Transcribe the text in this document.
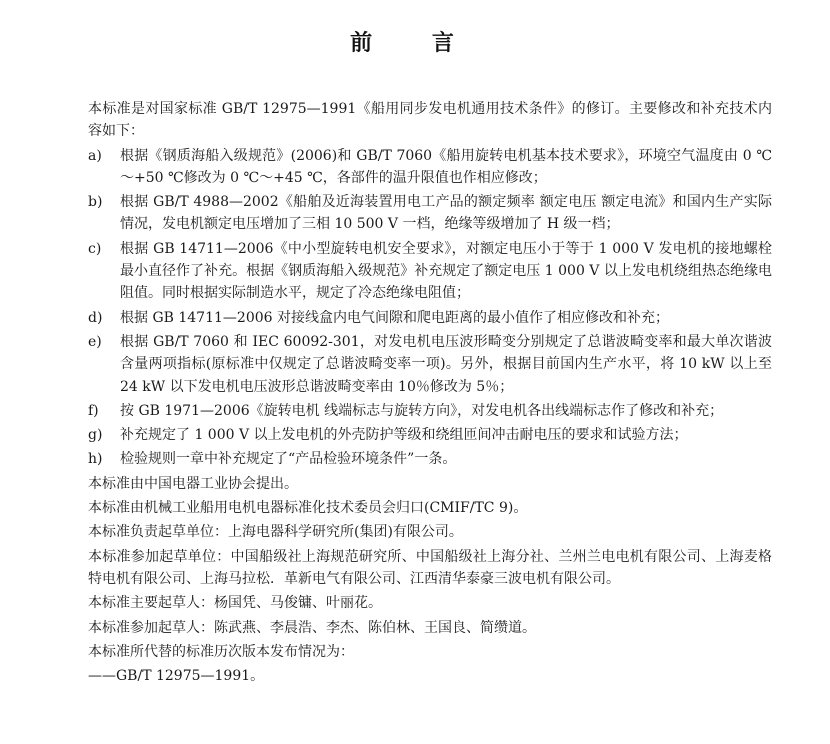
前 言

本标准是对国家标准 GB/T 12975—1991《船用同步发电机通用技术条件》的修订。主要修改和补充技术内容如下：

a)	根据《钢质海船入级规范》(2006)和 GB/T 7060《船用旋转电机基本技术要求》，环境空气温度由 0 ℃～+50 ℃修改为 0 ℃～+45 ℃，各部件的温升限值也作相应修改；
b)	根据 GB/T 4988—2002《船舶及近海装置用电工产品的额定频率 额定电压 额定电流》和国内生产实际情况，发电机额定电压增加了三相 10 500 V 一档，绝缘等级增加了 H 级一档；
c)	根据 GB 14711—2006《中小型旋转电机安全要求》，对额定电压小于等于 1 000 V 发电机的接地螺栓最小直径作了补充。根据《钢质海船入级规范》补充规定了额定电压 1 000 V 以上发电机绕组热态绝缘电阻值。同时根据实际制造水平，规定了冷态绝缘电阻值；
d)	根据 GB 14711—2006 对接线盒内电气间隙和爬电距离的最小值作了相应修改和补充；
e)	根据 GB/T 7060 和 IEC 60092-301，对发电机电压波形畸变分别规定了总谐波畸变率和最大单次谐波含量两项指标(原标准中仅规定了总谐波畸变率一项)。另外，根据目前国内生产水平，将 10 kW 以上至 24 kW 以下发电机电压波形总谐波畸变率由 10％修改为 5％；
f)	按 GB 1971—2006《旋转电机 线端标志与旋转方向》，对发电机各出线端标志作了修改和补充；
g)	补充规定了 1 000 V 以上发电机的外壳防护等级和绕组匝间冲击耐电压的要求和试验方法；
h)	检验规则一章中补充规定了“产品检验环境条件”一条。

本标准由中国电器工业协会提出。

本标准由机械工业船用电机电器标准化技术委员会归口(CMIF/TC 9)。

本标准负责起草单位：上海电器科学研究所(集团)有限公司。

本标准参加起草单位：中国船级社上海规范研究所、中国船级社上海分社、兰州兰电电机有限公司、上海麦格特电机有限公司、上海马拉松．革新电气有限公司、江西清华泰豪三波电机有限公司。

本标准主要起草人：杨国凭、马俊镛、叶丽花。

本标准参加起草人：陈武燕、李晨浩、李杰、陈伯林、王国良、简缵道。

本标准所代替的标准历次版本发布情况为：

——GB/T 12975—1991。
